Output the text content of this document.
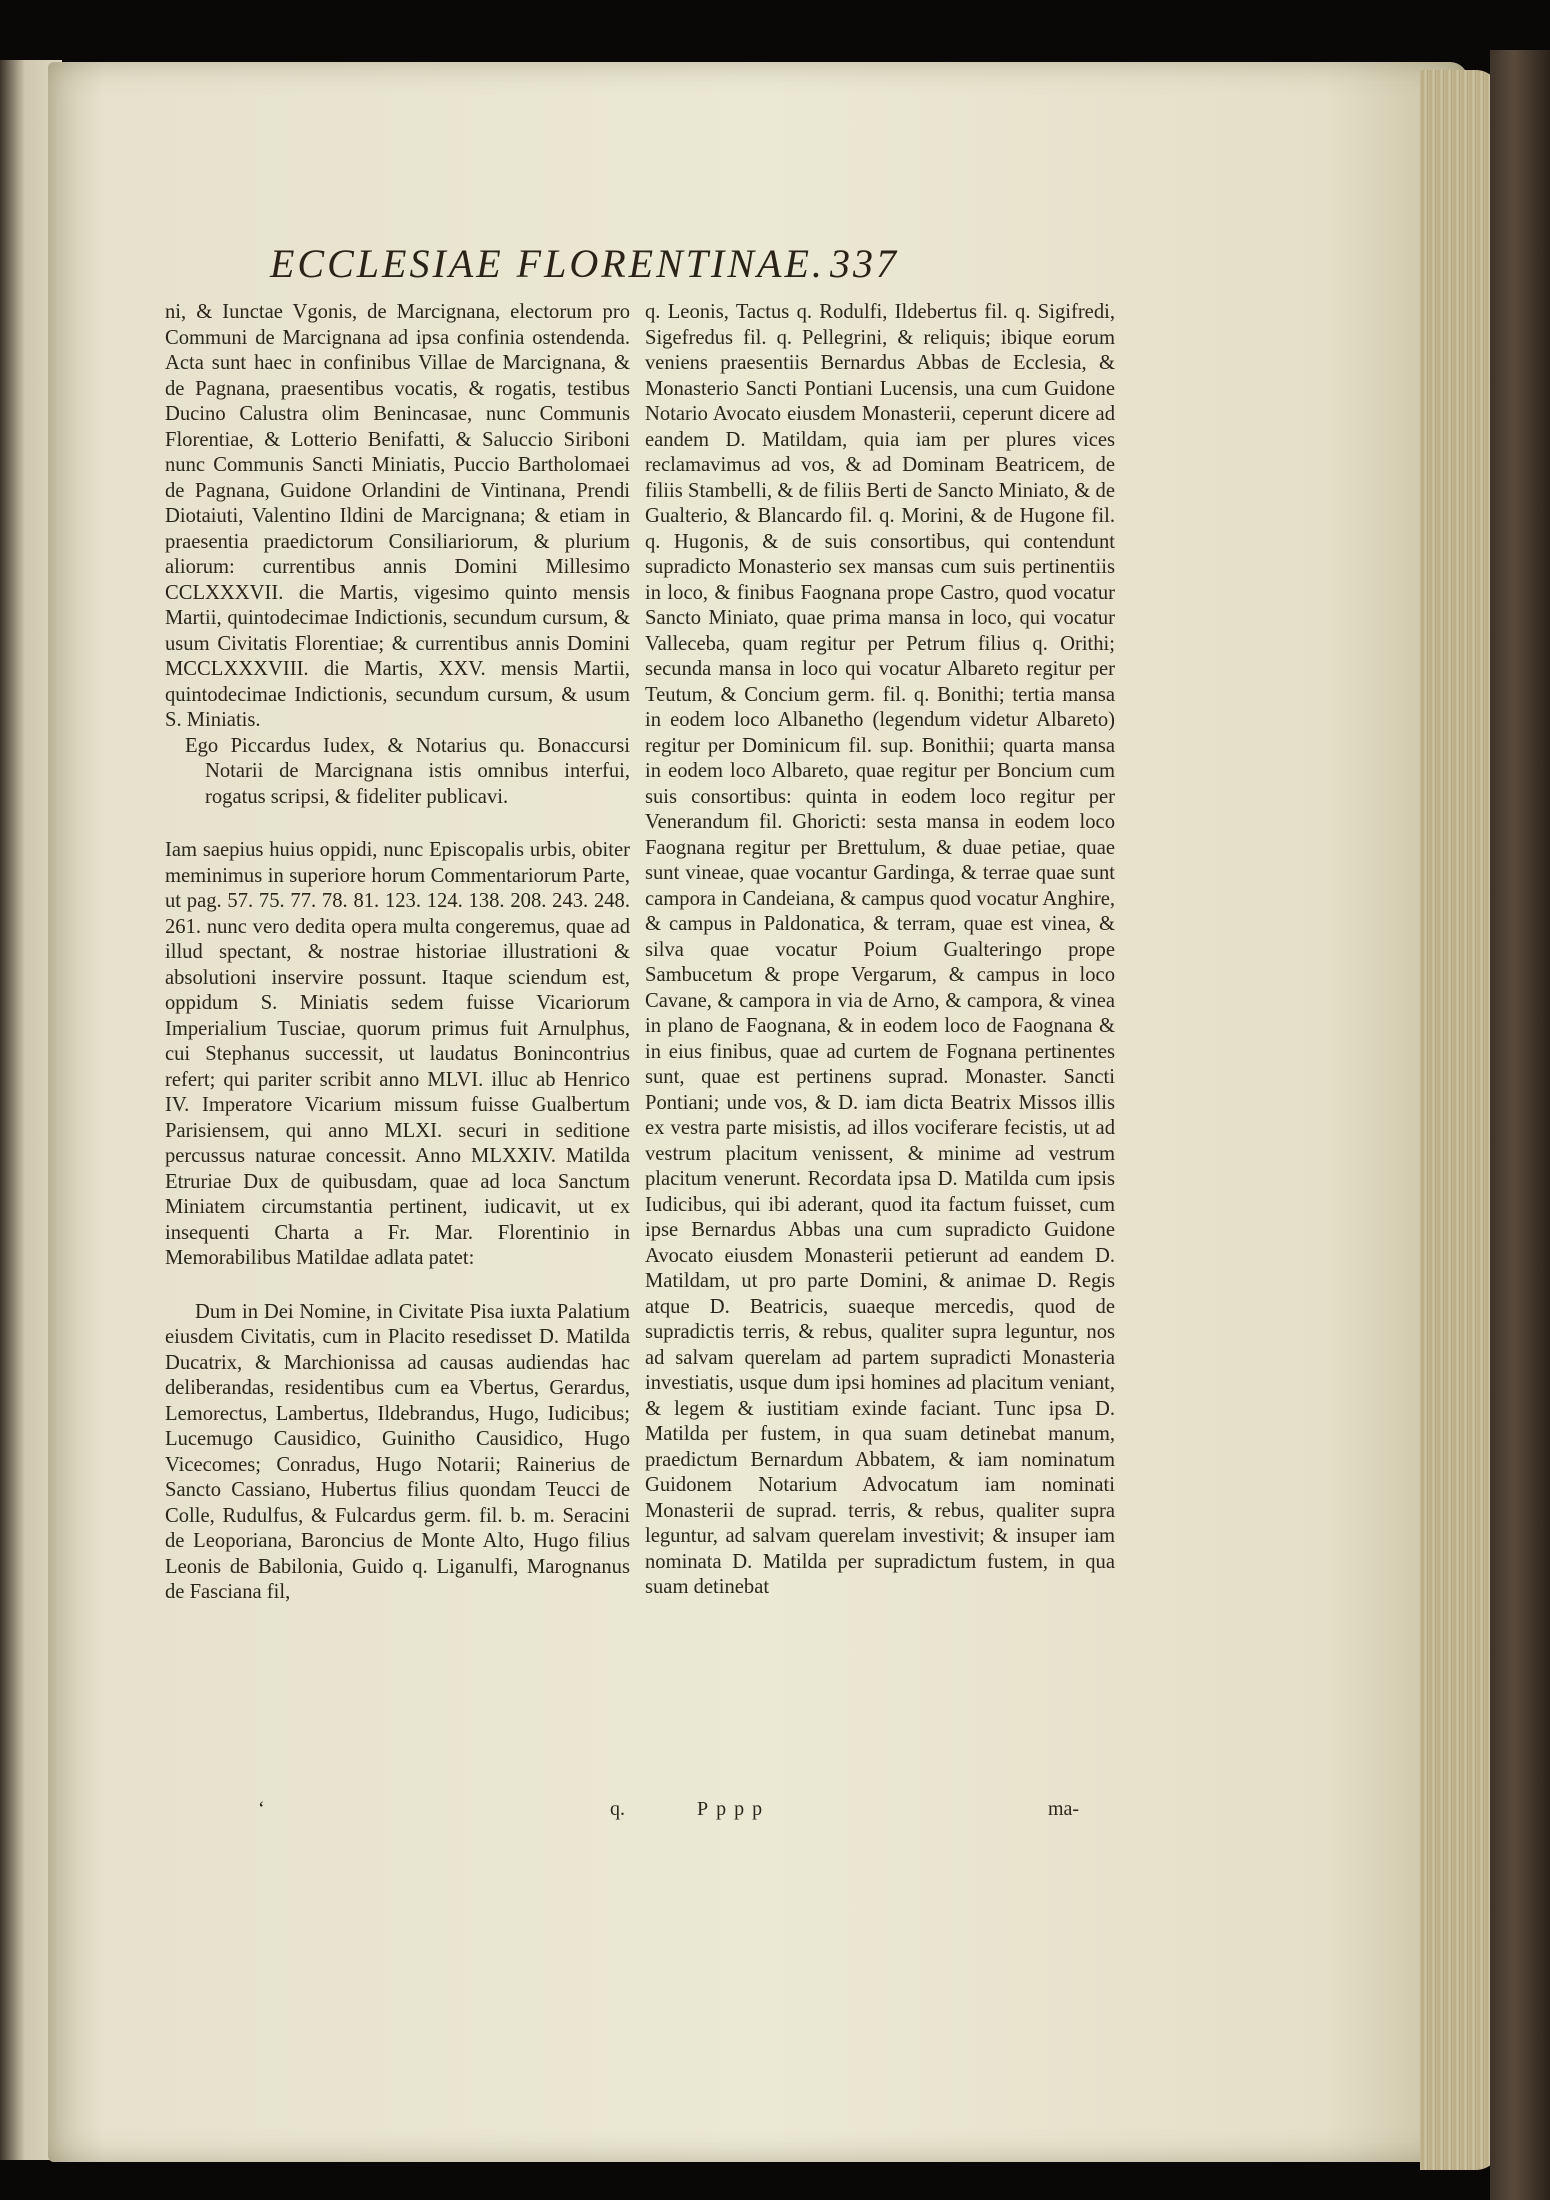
ECCLESIAE FLORENTINAE. 337

ni, & Iunctae Vgonis, de Marcignana, electorum pro Communi de Marcignana ad ipsa confinia ostendenda. Acta sunt haec in confinibus Villae de Marcignana, & de Pagnana, praesentibus vocatis, & rogatis, testibus Ducino Calustra olim Benincasae, nunc Communis Florentiae, & Lotterio Benifatti, & Saluccio Siriboni nunc Communis Sancti Miniatis, Puccio Bartholomaei de Pagnana, Guidone Orlandini de Vintinana, Prendi Diotaiuti, Valentino Ildini de Marcignana; & etiam in praesentia praedictorum Consiliariorum, & plurium aliorum: currentibus annis Domini Millesimo CCLXXXVII. die Martis, vigesimo quinto mensis Martii, quintodecimae Indictionis, secundum cursum, & usum Civitatis Florentiae; & currentibus annis Domini MCCLXXXVIII. die Martis, XXV. mensis Martii, quintodecimae Indictionis, secundum cursum, & usum S. Miniatis.

Ego Piccardus Iudex, & Notarius qu. Bonaccursi Notarii de Marcignana istis omnibus interfui, rogatus scripsi, & fideliter publicavi.

Iam saepius huius oppidi, nunc Episcopalis urbis, obiter meminimus in superiore horum Commentariorum Parte, ut pag. 57. 75. 77. 78. 81. 123. 124. 138. 208. 243. 248. 261. nunc vero dedita opera multa congeremus, quae ad illud spectant, & nostrae historiae illustrationi & absolutioni inservire possunt. Itaque sciendum est, oppidum S. Miniatis sedem fuisse Vicariorum Imperialium Tusciae, quorum primus fuit Arnulphus, cui Stephanus successit, ut laudatus Bonincontrius refert; qui pariter scribit anno MLVI. illuc ab Henrico IV. Imperatore Vicarium missum fuisse Gualbertum Parisiensem, qui anno MLXI. securi in seditione percussus naturae concessit. Anno MLXXIV. Matilda Etruriae Dux de quibusdam, quae ad loca Sanctum Miniatem circumstantia pertinent, iudicavit, ut ex insequenti Charta a Fr. Mar. Florentinio in Memorabilibus Matildae adlata patet:

Dum in Dei Nomine, in Civitate Pisa iuxta Palatium eiusdem Civitatis, cum in Placito resedisset D. Matilda Ducatrix, & Marchionissa ad causas audiendas hac deliberandas, residentibus cum ea Vbertus, Gerardus, Lemorectus, Lambertus, Ildebrandus, Hugo, Iudicibus; Lucemugo Causidico, Guinitho Causidico, Hugo Vicecomes; Conradus, Hugo Notarii; Rainerius de Sancto Cassiano, Hubertus filius quondam Teucci de Colle, Rudulfus, & Fulcardus germ. fil. b. m. Seracini de Leoporiana, Baroncius de Monte Alto, Hugo filius Leonis de Babilonia, Guido q. Liganulfi, Marognanus de Fasciana fil,

q. Leonis, Tactus q. Rodulfi, Ildebertus fil. q. Sigifredi, Sigefredus fil. q. Pellegrini, & reliquis; ibique eorum veniens praesentiis Bernardus Abbas de Ecclesia, & Monasterio Sancti Pontiani Lucensis, una cum Guidone Notario Avocato eiusdem Monasterii, ceperunt dicere ad eandem D. Matildam, quia iam per plures vices reclamavimus ad vos, & ad Dominam Beatricem, de filiis Stambelli, & de filiis Berti de Sancto Miniato, & de Gualterio, & Blancardo fil. q. Morini, & de Hugone fil. q. Hugonis, & de suis consortibus, qui contendunt supradicto Monasterio sex mansas cum suis pertinentiis in loco, & finibus Faognana prope Castro, quod vocatur Sancto Miniato, quae prima mansa in loco, qui vocatur Valleceba, quam regitur per Petrum filius q. Orithi; secunda mansa in loco qui vocatur Albareto regitur per Teutum, & Concium germ. fil. q. Bonithi; tertia mansa in eodem loco Albanetho (legendum videtur Albareto) regitur per Dominicum fil. sup. Bonithii; quarta mansa in eodem loco Albareto, quae regitur per Boncium cum suis consortibus: quinta in eodem loco regitur per Venerandum fil. Ghoricti: sesta mansa in eodem loco Faognana regitur per Brettulum, & duae petiae, quae sunt vineae, quae vocantur Gardinga, & terrae quae sunt campora in Candeiana, & campus quod vocatur Anghire, & campus in Paldonatica, & terram, quae est vinea, & silva quae vocatur Poium Gualteringo prope Sambucetum & prope Vergarum, & campus in loco Cavane, & campora in via de Arno, & campora, & vinea in plano de Faognana, & in eodem loco de Faognana & in eius finibus, quae ad curtem de Fognana pertinentes sunt, quae est pertinens suprad. Monaster. Sancti Pontiani; unde vos, & D. iam dicta Beatrix Missos illis ex vestra parte misistis, ad illos vociferare fecistis, ut ad vestrum placitum venissent, & minime ad vestrum placitum venerunt. Recordata ipsa D. Matilda cum ipsis Iudicibus, qui ibi aderant, quod ita factum fuisset, cum ipse Bernardus Abbas una cum supradicto Guidone Avocato eiusdem Monasterii petierunt ad eandem D. Matildam, ut pro parte Domini, & animae D. Regis atque D. Beatricis, suaeque mercedis, quod de supradictis terris, & rebus, qualiter supra leguntur, nos ad salvam querelam ad partem supradicti Monasteria investiatis, usque dum ipsi homines ad placitum veniant, & legem & iustitiam exinde faciant. Tunc ipsa D. Matilda per fustem, in qua suam detinebat manum, praedictum Bernardum Abbatem, & iam nominatum Guidonem Notarium Advocatum iam nominati Monasterii de suprad. terris, & rebus, qualiter supra leguntur, ad salvam querelam investivit; & insuper iam nominata D. Matilda per supradictum fustem, in qua suam detinebat

‘	q.	Pppp	ma-
